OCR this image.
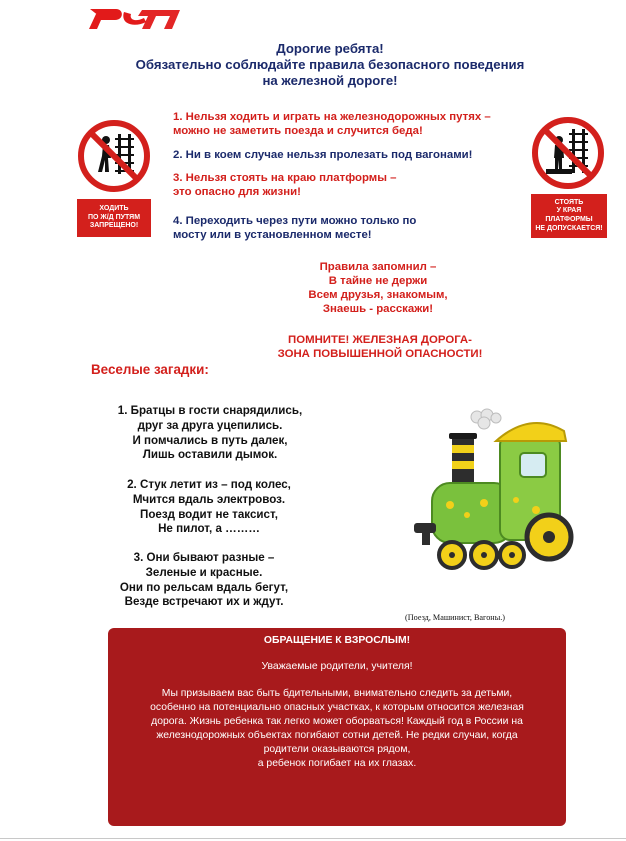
Дорогие ребята!
Обязательно соблюдайте правила безопасного поведения
на железной дороге!
ХОДИТЬ
ПО Ж/Д ПУТЯМ
ЗАПРЕЩЕНО!
СТОЯТЬ
У КРАЯ
ПЛАТФОРМЫ
НЕ ДОПУСКАЕТСЯ!
1. Нельзя ходить и играть на железнодорожных путях –
можно не заметить поезда и случится беда!
2. Ни в коем случае нельзя пролезать под вагонами!
3. Нельзя стоять на краю платформы –
это опасно для жизни!
4. Переходить через пути можно только по
мосту или в установленном месте!
Правила запомнил –
В тайне не держи
Всем друзья, знакомым,
Знаешь - расскажи!
ПОМНИТЕ! ЖЕЛЕЗНАЯ ДОРОГА-
ЗОНА ПОВЫШЕННОЙ ОПАСНОСТИ!
Веселые загадки:
1. Братцы в гости снарядились,
друг за друга уцепились.
И помчались в путь далек,
Лишь оставили дымок.
2. Стук летит из – под колес,
Мчится вдаль электровоз.
Поезд водит не таксист,
Не пилот, а ………
3. Они бывают разные –
Зеленые и красные.
Они по рельсам вдаль бегут,
Везде встречают их и ждут.
(Поезд, Машинист, Вагоны.)

ОБРАЩЕНИЕ К ВЗРОСЛЫМ!

Уважаемые родители, учителя!

Мы призываем вас быть бдительными, внимательно следить за детьми,

особенно на потенциально опасных участках, к которым относится железная

дорога. Жизнь ребенка так легко может оборваться! Каждый год в России на

железнодорожных объектах погибают сотни детей. Не редки случаи, когда

родители оказываются рядом,

а ребенок погибает на их глазах.
